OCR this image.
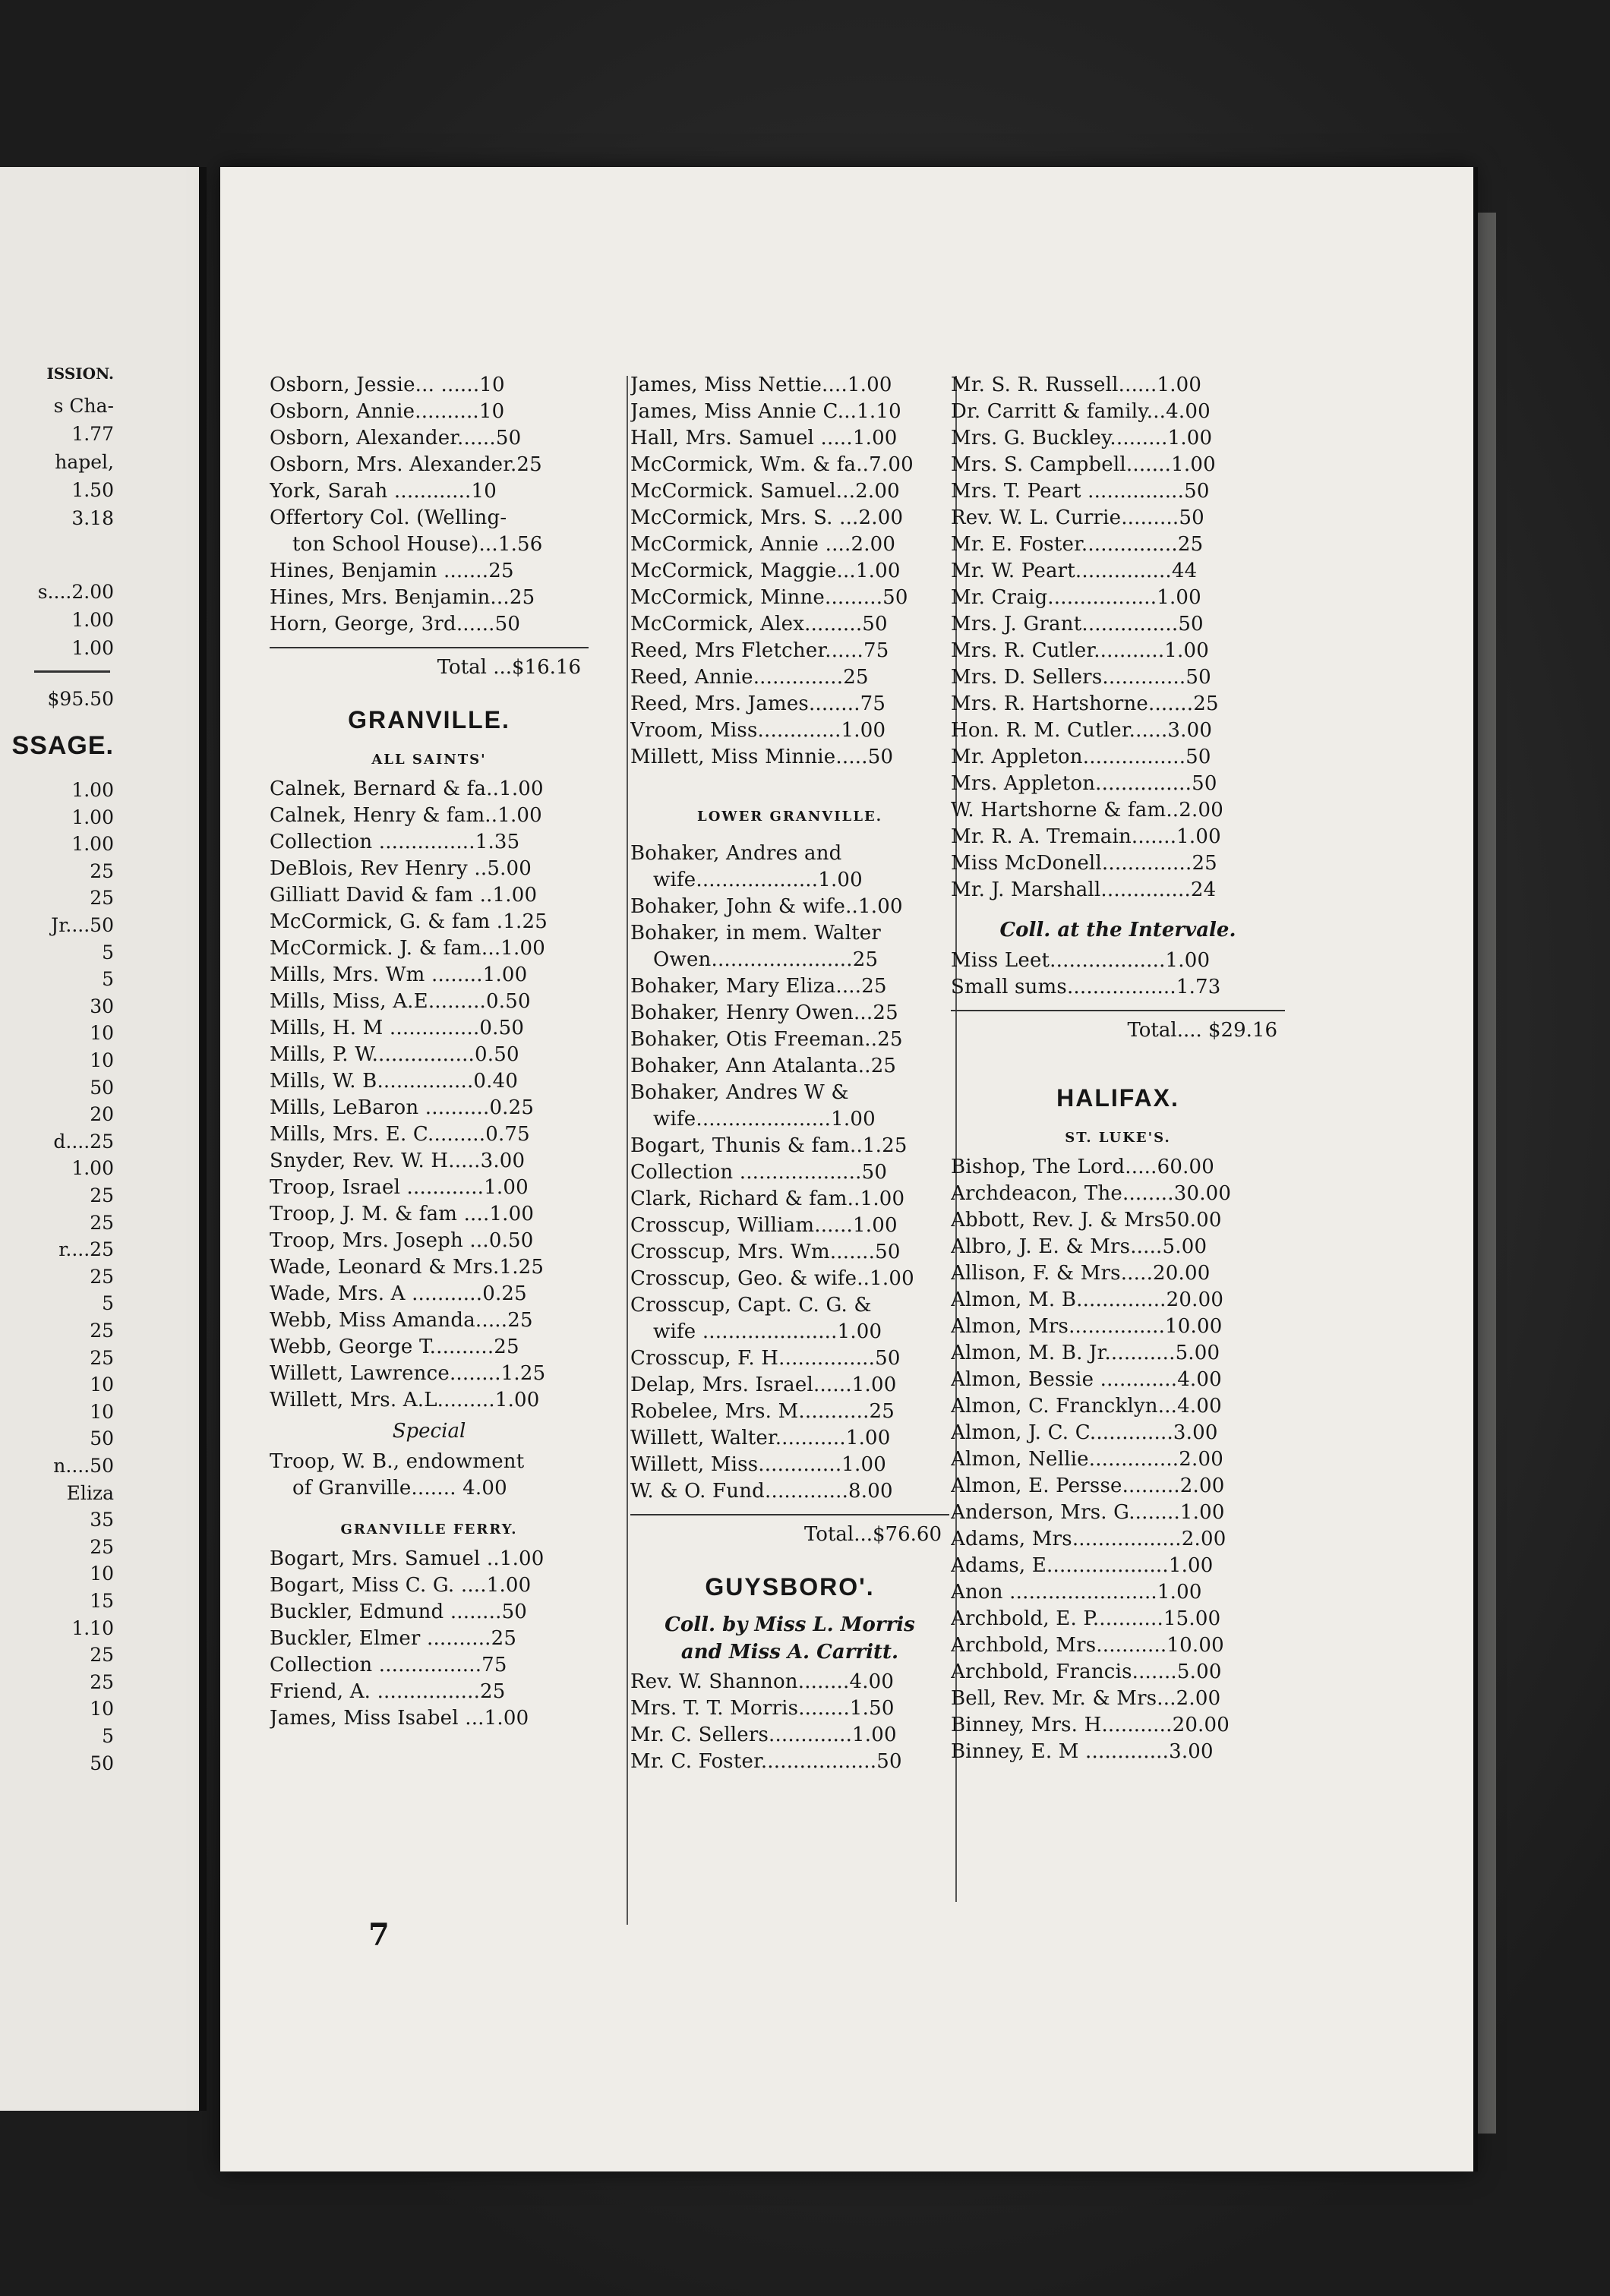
ISSION.
s Cha-
1.77
hapel,
1.50
3.18
s....2.00
1.00
1.00
$95.50
SSAGE.
1.00
1.00
1.00
25
25
Jr....50
5
5
30
10
10
50
20
d....25
1.00
25
25
r....25
25
5
25
25
10
10
50
n....50
Eliza
35
25
10
15
1.10
25
25
10
5
50
Osborn, Jessie... ......10
Osborn, Annie..........10
Osborn, Alexander......50
Osborn, Mrs. Alexander.25
York, Sarah ............10
Offertory Col. (Welling-
ton School House)...1.56
Hines, Benjamin .......25
Hines, Mrs. Benjamin...25
Horn, George, 3rd......50
Total ...$16.16
GRANVILLE.
ALL SAINTS'
Calnek, Bernard & fa..1.00
Calnek, Henry & fam..1.00
Collection ...............1.35
DeBlois, Rev Henry ..5.00
Gilliatt David & fam ..1.00
McCormick, G. & fam .1.25
McCormick. J. & fam...1.00
Mills, Mrs. Wm ........1.00
Mills, Miss, A.E.........0.50
Mills, H. M ..............0.50
Mills, P. W................0.50
Mills, W. B...............0.40
Mills, LeBaron ..........0.25
Mills, Mrs. E. C.........0.75
Snyder, Rev. W. H.....3.00
Troop, Israel ............1.00
Troop, J. M. & fam ....1.00
Troop, Mrs. Joseph ...0.50
Wade, Leonard & Mrs.1.25
Wade, Mrs. A ...........0.25
Webb, Miss Amanda.....25
Webb, George T..........25
Willett, Lawrence........1.25
Willett, Mrs. A.L.........1.00
Special
Troop, W. B., endowment
of Granville....... 4.00
GRANVILLE FERRY.
Bogart, Mrs. Samuel ..1.00
Bogart, Miss C. G. ....1.00
Buckler, Edmund ........50
Buckler, Elmer ..........25
Collection ................75
Friend, A. ................25
James, Miss Isabel ...1.00
James, Miss Nettie....1.00
James, Miss Annie C...1.10
Hall, Mrs. Samuel .....1.00
McCormick, Wm. & fa..7.00
McCormick. Samuel...2.00
McCormick, Mrs. S. ...2.00
McCormick, Annie ....2.00
McCormick, Maggie...1.00
McCormick, Minne.........50
McCormick, Alex.........50
Reed, Mrs Fletcher......75
Reed, Annie..............25
Reed, Mrs. James........75
Vroom, Miss.............1.00
Millett, Miss Minnie.....50
LOWER GRANVILLE.
Bohaker, Andres and
wife...................1.00
Bohaker, John & wife..1.00
Bohaker, in mem. Walter
Owen......................25
Bohaker, Mary Eliza....25
Bohaker, Henry Owen...25
Bohaker, Otis Freeman..25
Bohaker, Ann Atalanta..25
Bohaker, Andres W &
wife.....................1.00
Bogart, Thunis & fam..1.25
Collection ...................50
Clark, Richard & fam..1.00
Crosscup, William......1.00
Crosscup, Mrs. Wm.......50
Crosscup, Geo. & wife..1.00
Crosscup, Capt. C. G. &
wife .....................1.00
Crosscup, F. H...............50
Delap, Mrs. Israel......1.00
Robelee, Mrs. M...........25
Willett, Walter...........1.00
Willett, Miss.............1.00
W. & O. Fund.............8.00
Total...$76.60
GUYSBORO'.
Coll. by Miss L. Morris
and Miss A. Carritt.
Rev. W. Shannon........4.00
Mrs. T. T. Morris........1.50
Mr. C. Sellers.............1.00
Mr. C. Foster..................50
Mr. S. R. Russell......1.00
Dr. Carritt & family...4.00
Mrs. G. Buckley.........1.00
Mrs. S. Campbell.......1.00
Mrs. T. Peart ...............50
Rev. W. L. Currie.........50
Mr. E. Foster...............25
Mr. W. Peart...............44
Mr. Craig.................1.00
Mrs. J. Grant...............50
Mrs. R. Cutler...........1.00
Mrs. D. Sellers.............50
Mrs. R. Hartshorne.......25
Hon. R. M. Cutler......3.00
Mr. Appleton................50
Mrs. Appleton...............50
W. Hartshorne & fam..2.00
Mr. R. A. Tremain.......1.00
Miss McDonell..............25
Mr. J. Marshall..............24
Coll. at the Intervale.
Miss Leet..................1.00
Small sums.................1.73
Total.... $29.16
HALIFAX.
ST. LUKE'S.
Bishop, The Lord.....60.00
Archdeacon, The........30.00
Abbott, Rev. J. & Mrs50.00
Albro, J. E. & Mrs.....5.00
Allison, F. & Mrs.....20.00
Almon, M. B..............20.00
Almon, Mrs...............10.00
Almon, M. B. Jr...........5.00
Almon, Bessie ............4.00
Almon, C. Francklyn...4.00
Almon, J. C. C.............3.00
Almon, Nellie..............2.00
Almon, E. Persse.........2.00
Anderson, Mrs. G........1.00
Adams, Mrs.................2.00
Adams, E...................1.00
Anon .......................1.00
Archbold, E. P...........15.00
Archbold, Mrs...........10.00
Archbold, Francis.......5.00
Bell, Rev. Mr. & Mrs...2.00
Binney, Mrs. H...........20.00
Binney, E. M .............3.00
7
